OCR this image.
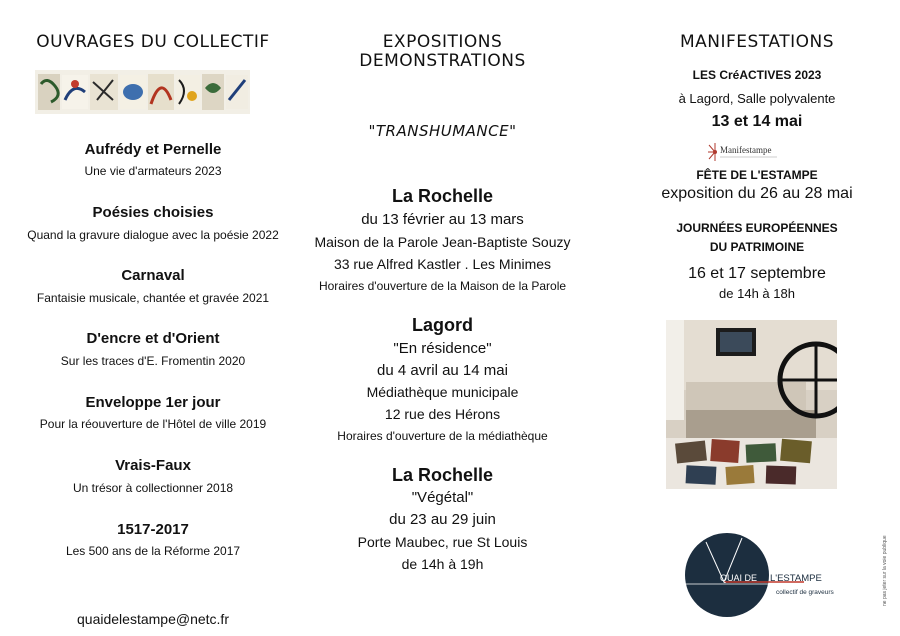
OUVRAGES DU COLLECTIF
Aufrédy et Pernelle
Une vie d'armateurs 2023
Poésies choisies
Quand la gravure dialogue avec la poésie 2022
Carnaval
Fantaisie musicale, chantée et gravée 2021
D'encre et d'Orient
Sur les traces d'E. Fromentin 2020
Enveloppe 1er jour
Pour la réouverture de l'Hôtel de ville 2019
Vrais-Faux
Un trésor à collectionner 2018
1517-2017
Les 500 ans de la Réforme 2017
quaidelestampe@netc.fr
EXPOSITIONS
DEMONSTRATIONS
"TRANSHUMANCE"
La Rochelle
du 13 février au 13 mars
Maison de la Parole Jean-Baptiste Souzy
33 rue Alfred Kastler . Les Minimes
Horaires d'ouverture de la Maison de la Parole
Lagord
"En résidence"
du 4 avril au 14 mai
Médiathèque municipale
12 rue des Hérons
Horaires d'ouverture de la médiathèque
La Rochelle
"Végétal"
du 23 au 29 juin
Porte Maubec, rue St Louis
de 14h à 19h
MANIFESTATIONS
LES CréACTIVES 2023
à Lagord, Salle polyvalente
13 et 14 mai
FÊTE DE L'ESTAMPE
exposition du 26 au 28 mai
JOURNÉES EUROPÉENNES
DU PATRIMOINE
16 et 17 septembre
de 14h à 18h
Manifestampe
QUAI DE L'ESTAMPE
collectif de graveurs	ne pas jeter sur la voie publique
